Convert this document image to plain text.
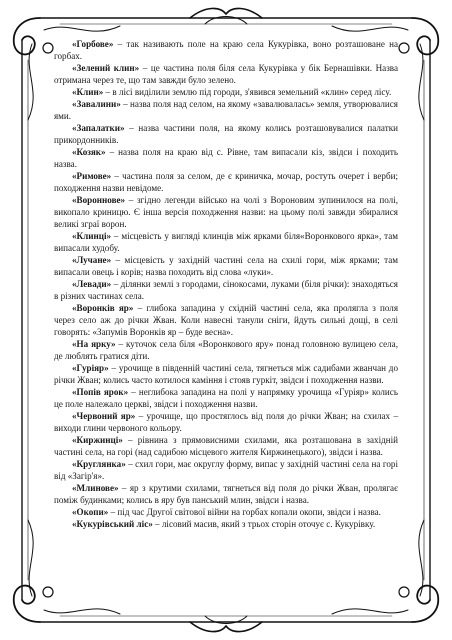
«Горбове» – так називають поле на краю села Кукурівка, воно розташоване на горбах.

«Зелений клин» – це частина поля біля села Кукурівка у бік Бернашівки. Назва отримана через те, що там завжди було зелено.

«Клин» – в лісі виділили землю під городи, з'явився земельний «клин» серед лісу.

«Завалини» – назва поля над селом, на якому «завалювалась» земля, утворювалися ями.

«Запалатки» – назва частини поля, на якому колись розташовувалися палатки прикордонників.

«Козяк» – назва поля на краю від с. Рівне, там випасали кіз, звідси і походить назва.

«Римове» – частина поля за селом, де є криничка, мочар, ростуть очерет і верби; походження назви невідоме.

«Вороннове» – згідно легенди військо на чолі з Вороновим зупинилося на полі, викопало криницю. Є інша версія походження назви: на цьому полі завжди збиралися великі зграї ворон.

«Клинці» – місцевість у вигляді клинців між ярками біля«Воронкового ярка», там випасали худобу.

«Лучане» – місцевість у західній частині села на схилі гори, між ярками; там випасали овець і корів; назва походить від слова «луки».

«Левади» – ділянки землі з городами, сінокосами, луками (біля річки): знаходяться в різних частинах села.

«Воронків яр» – глибока западина у східній частині села, яка пролягла з поля через село аж до річки Жван. Коли навесні танули сніги, йдуть сильні дощі, в селі говорять: «Запумів Воронків яр – буде весна».

«На ярку» – куточок села біля «Воронкового яру» понад головною вулицею села, де люблять гратися діти.

«Гуріяр» – урочище в південній частині села, тягнеться між садибами жванчан до річки Жван; колись часто котилося каміння і стояв гуркіт, звідси і походження назви.

«Попів ярок» – неглибока западина на полі у напрямку урочища «Гуріяр» колись це поле належало церкві, звідси і походження назви.

«Червоний яр» – урочище, що простяглось від поля до річки Жван; на схилах – виходи глини червоного кольору.

«Киржинці» – рівнина з прямовисними схилами, яка розташована в західній частині села, на горі (над садибою місцевого жителя Киржинецького), звідси і назва.

«Круглянка» – схил гори, має округлу форму, випас у західній частині села на горі від «Загір'я».

«Млинове» – яр з крутими схилами, тягнеться від поля до річки Жван, пролягає поміж будинками; колись в яру був панський млин, звідси і назва.

«Окопи» – під час Другої світової війни на горбах копали окопи, звідси і назва.

«Кукурівський ліс» – лісовий масив, який з трьох сторін оточує с. Кукурівку.
